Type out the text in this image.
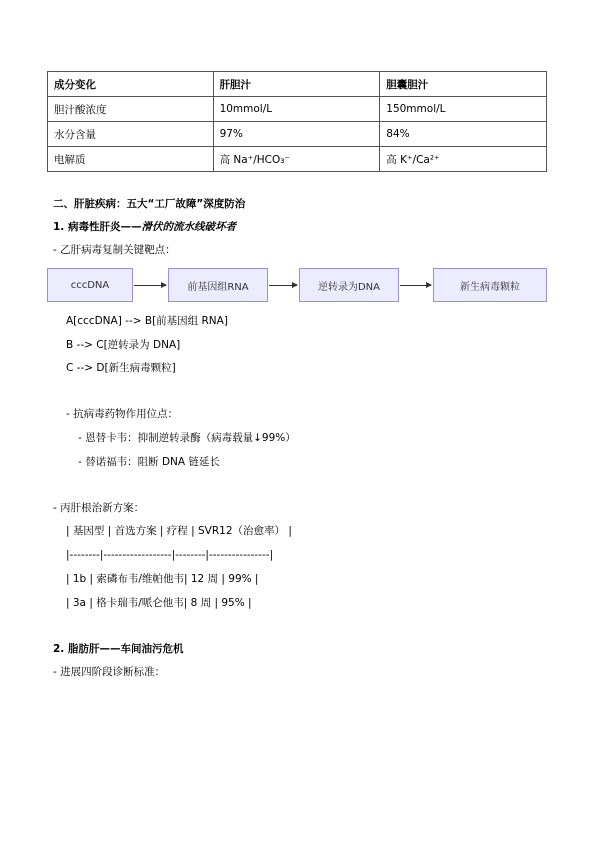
成分变化	肝胆汁	胆囊胆汁
胆汁酸浓度	10mmol/L	150mmol/L
水分含量	97%	84%
电解质	高 Na⁺/HCO₃⁻	高 K⁺/Ca²⁺
二、肝脏疾病：五大“工厂故障”深度防治
1. 病毒性肝炎——滑伏的流水线破坏者
- 乙肝病毒复制关键靶点：
cccDNA	前基因组RNA	逆转录为DNA	新生病毒颗粒
A[cccDNA] --> B[前基因组 RNA]
B --> C[逆转录为 DNA]
C --> D[新生病毒颗粒]
- 抗病毒药物作用位点：
- 恩替卡韦：抑制逆转录酶（病毒载量↓99%）
- 替诺福韦：阻断 DNA 链延长
- 丙肝根治新方案：
| 基因型 | 首选方案 | 疗程 | SVR12（治愈率） |
|--------|------------------|--------|----------------|
| 1b | 索磷布韦/维帕他韦| 12 周 | 99% |
| 3a | 格卡瑞韦/哌仑他韦| 8 周 | 95% |
2. 脂肪肝——车间油污危机
- 进展四阶段诊断标准：
